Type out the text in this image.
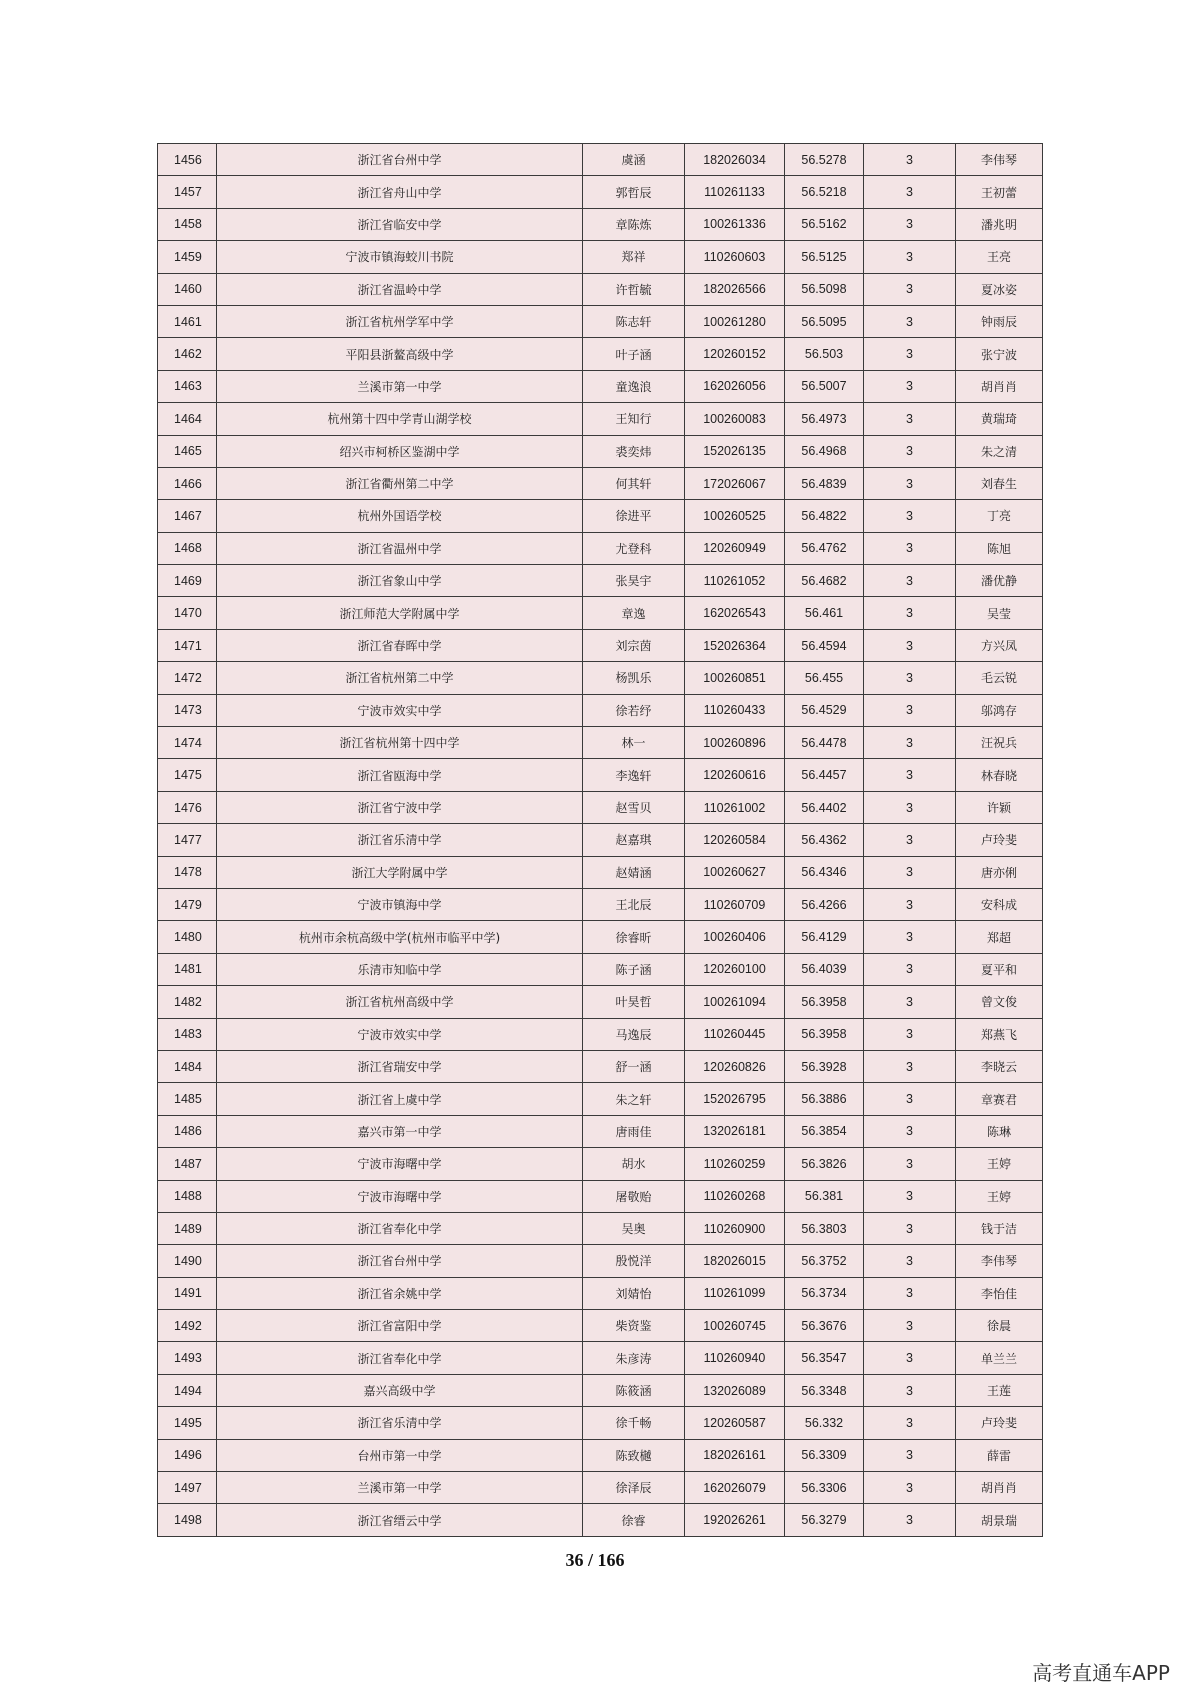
1456	浙江省台州中学	虞涵	182026034	56.5278	3	李伟琴
1457	浙江省舟山中学	郭哲辰	110261133	56.5218	3	王初蕾
1458	浙江省临安中学	章陈炼	100261336	56.5162	3	潘兆明
1459	宁波市镇海蛟川书院	郑祥	110260603	56.5125	3	王亮
1460	浙江省温岭中学	许哲毓	182026566	56.5098	3	夏冰姿
1461	浙江省杭州学军中学	陈志轩	100261280	56.5095	3	钟雨辰
1462	平阳县浙鳌高级中学	叶子涵	120260152	56.503	3	张宁波
1463	兰溪市第一中学	童逸浪	162026056	56.5007	3	胡肖肖
1464	杭州第十四中学青山湖学校	王知行	100260083	56.4973	3	黄瑞琦
1465	绍兴市柯桥区鉴湖中学	裘奕炜	152026135	56.4968	3	朱之清
1466	浙江省衢州第二中学	何其轩	172026067	56.4839	3	刘春生
1467	杭州外国语学校	徐进平	100260525	56.4822	3	丁亮
1468	浙江省温州中学	尤登科	120260949	56.4762	3	陈旭
1469	浙江省象山中学	张昊宇	110261052	56.4682	3	潘优静
1470	浙江师范大学附属中学	章逸	162026543	56.461	3	吴莹
1471	浙江省春晖中学	刘宗茵	152026364	56.4594	3	方兴凤
1472	浙江省杭州第二中学	杨凯乐	100260851	56.455	3	毛云锐
1473	宁波市效实中学	徐若纾	110260433	56.4529	3	邬鸿存
1474	浙江省杭州第十四中学	林一	100260896	56.4478	3	汪祝兵
1475	浙江省瓯海中学	李逸轩	120260616	56.4457	3	林春晓
1476	浙江省宁波中学	赵雪贝	110261002	56.4402	3	许颖
1477	浙江省乐清中学	赵嘉琪	120260584	56.4362	3	卢玲斐
1478	浙江大学附属中学	赵婧涵	100260627	56.4346	3	唐亦俐
1479	宁波市镇海中学	王北辰	110260709	56.4266	3	安科成
1480	杭州市余杭高级中学(杭州市临平中学)	徐睿昕	100260406	56.4129	3	郑超
1481	乐清市知临中学	陈子涵	120260100	56.4039	3	夏平和
1482	浙江省杭州高级中学	叶昊哲	100261094	56.3958	3	曾文俊
1483	宁波市效实中学	马逸辰	110260445	56.3958	3	郑燕飞
1484	浙江省瑞安中学	舒一涵	120260826	56.3928	3	李晓云
1485	浙江省上虞中学	朱之轩	152026795	56.3886	3	章赛君
1486	嘉兴市第一中学	唐雨佳	132026181	56.3854	3	陈琳
1487	宁波市海曙中学	胡水	110260259	56.3826	3	王婷
1488	宁波市海曙中学	屠敬贻	110260268	56.381	3	王婷
1489	浙江省奉化中学	吴奥	110260900	56.3803	3	钱于洁
1490	浙江省台州中学	殷悦洋	182026015	56.3752	3	李伟琴
1491	浙江省余姚中学	刘婧怡	110261099	56.3734	3	李怡佳
1492	浙江省富阳中学	柴资鉴	100260745	56.3676	3	徐晨
1493	浙江省奉化中学	朱彦涛	110260940	56.3547	3	单兰兰
1494	嘉兴高级中学	陈筱涵	132026089	56.3348	3	王莲
1495	浙江省乐清中学	徐千畅	120260587	56.332	3	卢玲斐
1496	台州市第一中学	陈致樾	182026161	56.3309	3	薛雷
1497	兰溪市第一中学	徐泽辰	162026079	56.3306	3	胡肖肖
1498	浙江省缙云中学	徐睿	192026261	56.3279	3	胡景瑞
36 / 166
高考直通车APP
